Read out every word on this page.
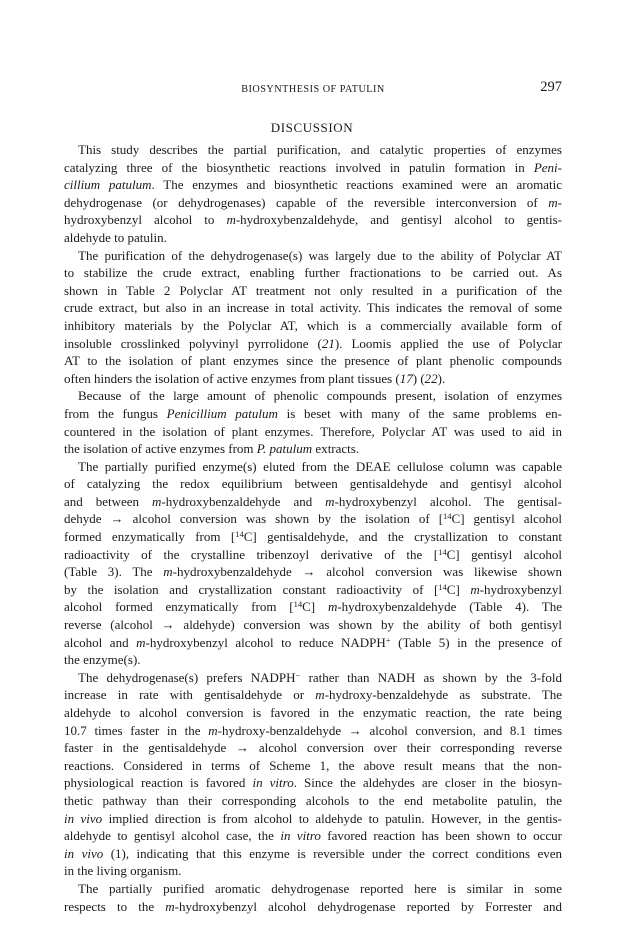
BIOSYNTHESIS OF PATULIN	297
DISCUSSION
This study describes the partial purification, and catalytic properties of enzymes
catalyzing three of the biosynthetic reactions involved in patulin formation in Peni-
cillium patulum. The enzymes and biosynthetic reactions examined were an aromatic
dehydrogenase (or dehydrogenases) capable of the reversible interconversion of m-
hydroxybenzyl alcohol to m-hydroxybenzaldehyde, and gentisyl alcohol to gentis-
aldehyde to patulin.
The purification of the dehydrogenase(s) was largely due to the ability of Polyclar AT
to stabilize the crude extract, enabling further fractionations to be carried out. As
shown in Table 2 Polyclar AT treatment not only resulted in a purification of the
crude extract, but also in an increase in total activity. This indicates the removal of some
inhibitory materials by the Polyclar AT, which is a commercially available form of
insoluble crosslinked polyvinyl pyrrolidone (21). Loomis applied the use of Polyclar
AT to the isolation of plant enzymes since the presence of plant phenolic compounds
often hinders the isolation of active enzymes from plant tissues (17) (22).
Because of the large amount of phenolic compounds present, isolation of enzymes
from the fungus Penicillium patulum is beset with many of the same problems en-
countered in the isolation of plant enzymes. Therefore, Polyclar AT was used to aid in
the isolation of active enzymes from P. patulum extracts.
The partially purified enzyme(s) eluted from the DEAE cellulose column was capable
of catalyzing the redox equilibrium between gentisaldehyde and gentisyl alcohol
and between m-hydroxybenzaldehyde and m-hydroxybenzyl alcohol. The gentisal-
dehyde → alcohol conversion was shown by the isolation of [$^{14}$C] gentisyl alcohol
formed enzymatically from [$^{14}$C] gentisaldehyde, and the crystallization to constant
radioactivity of the crystalline tribenzoyl derivative of the [$^{14}$C] gentisyl alcohol
(Table 3). The m-hydroxybenzaldehyde → alcohol conversion was likewise shown
by the isolation and crystallization constant radioactivity of [$^{14}$C] m-hydroxybenzyl
alcohol formed enzymatically from [$^{14}$C] m-hydroxybenzaldehyde (Table 4). The
reverse (alcohol → aldehyde) conversion was shown by the ability of both gentisyl
alcohol and m-hydroxybenzyl alcohol to reduce NADPH+ (Table 5) in the presence of
the enzyme(s).
The dehydrogenase(s) prefers NADPH− rather than NADH as shown by the 3-fold
increase in rate with gentisaldehyde or m-hydroxy-benzaldehyde as substrate. The
aldehyde to alcohol conversion is favored in the enzymatic reaction, the rate being
10.7 times faster in the m-hydroxy-benzaldehyde → alcohol conversion, and 8.1 times
faster in the gentisaldehyde → alcohol conversion over their corresponding reverse
reactions. Considered in terms of Scheme 1, the above result means that the non-
physiological reaction is favored in vitro. Since the aldehydes are closer in the biosyn-
thetic pathway than their corresponding alcohols to the end metabolite patulin, the
in vivo implied direction is from alcohol to aldehyde to patulin. However, in the gentis-
aldehyde to gentisyl alcohol case, the in vitro favored reaction has been shown to occur
in vivo (1), indicating that this enzyme is reversible under the correct conditions even
in the living organism.
The partially purified aromatic dehydrogenase reported here is similar in some
respects to the m-hydroxybenzyl alcohol dehydrogenase reported by Forrester and
